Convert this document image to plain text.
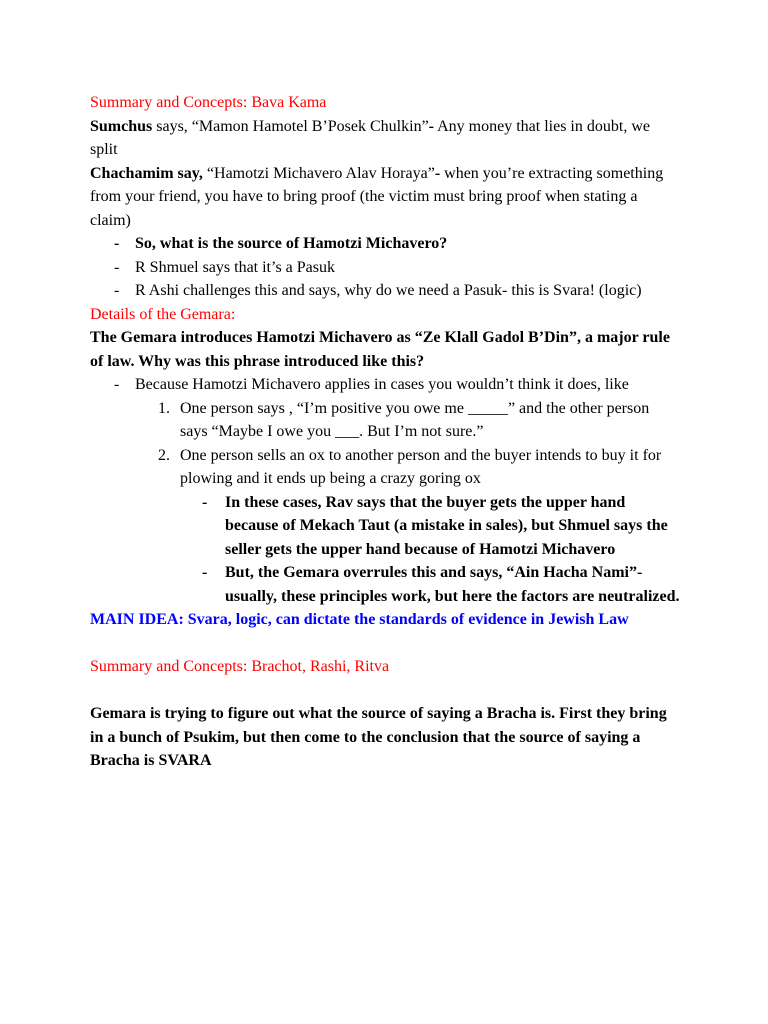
Summary and Concepts: Bava Kama

Sumchus says, “Mamon Hamotel B’Posek Chulkin”- Any money that lies in doubt, we split

Chachamim say, “Hamotzi Michavero Alav Horaya”- when you’re extracting something from your friend, you have to bring proof (the victim must bring proof when stating a claim)

- So, what is the source of Hamotzi Michavero?
- R Shmuel says that it’s a Pasuk
- R Ashi challenges this and says, why do we need a Pasuk- this is Svara! (logic)

Details of the Gemara:

The Gemara introduces Hamotzi Michavero as “Ze Klall Gadol B’Din”, a major rule of law. Why was this phrase introduced like this?

- Because Hamotzi Michavero applies in cases you wouldn’t think it does, like
1. One person says , “I’m positive you owe me _____” and the other person says “Maybe I owe you ___. But I’m not sure.”
2. One person sells an ox to another person and the buyer intends to buy it for plowing and it ends up being a crazy goring ox
- In these cases, Rav says that the buyer gets the upper hand because of Mekach Taut (a mistake in sales), but Shmuel says the seller gets the upper hand because of Hamotzi Michavero
- But, the Gemara overrules this and says, “Ain Hacha Nami”- usually, these principles work, but here the factors are neutralized.

MAIN IDEA: Svara, logic, can dictate the standards of evidence in Jewish Law

Summary and Concepts: Brachot, Rashi, Ritva

Gemara is trying to figure out what the source of saying a Bracha is. First they bring in a bunch of Psukim, but then come to the conclusion that the source of saying a Bracha is SVARA
